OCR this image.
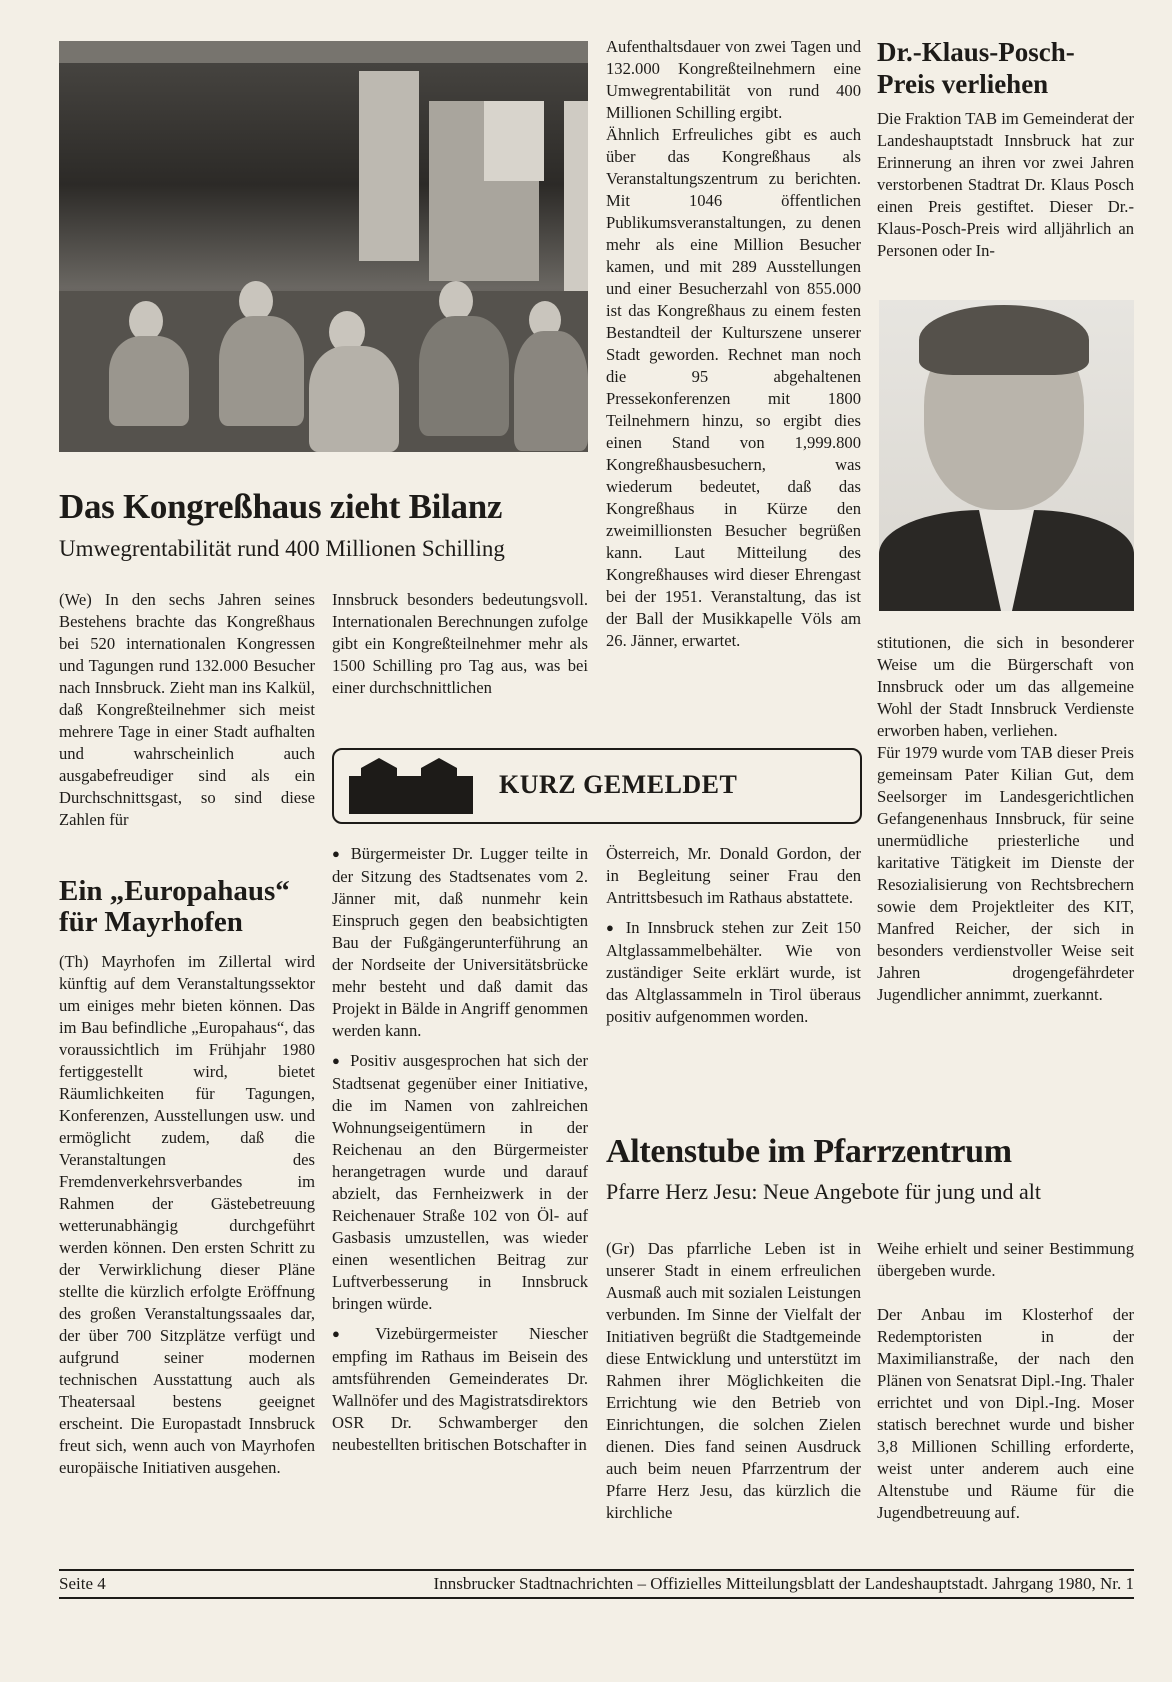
Das Kongreßhaus zieht Bilanz
Umwegrentabilität rund 400 Millionen Schilling

(We) In den sechs Jahren seines Bestehens brachte das Kongreßhaus bei 520 internationalen Kongressen und Tagungen rund 132.000 Besucher nach Innsbruck. Zieht man ins Kalkül, daß Kongreßteilnehmer sich meist mehrere Tage in einer Stadt aufhalten und wahrscheinlich auch ausgabefreudiger sind als ein Durchschnittsgast, so sind diese Zahlen für

Innsbruck besonders bedeutungsvoll. Internationalen Berechnungen zufolge gibt ein Kongreßteilnehmer mehr als 1500 Schilling pro Tag aus, was bei einer durchschnittlichen

Aufenthaltsdauer von zwei Tagen und 132.000 Kongreßteilnehmern eine Umwegrentabilität von rund 400 Millionen Schilling ergibt.

Ähnlich Erfreuliches gibt es auch über das Kongreßhaus als Veranstaltungszentrum zu berichten. Mit 1046 öffentlichen Publikumsveranstaltungen, zu denen mehr als eine Million Besucher kamen, und mit 289 Ausstellungen und einer Besucherzahl von 855.000 ist das Kongreßhaus zu einem festen Bestandteil der Kulturszene unserer Stadt geworden. Rechnet man noch die 95 abgehaltenen Pressekonferenzen mit 1800 Teilnehmern hinzu, so ergibt dies einen Stand von 1,999.800 Kongreßhausbesuchern, was wiederum bedeutet, daß das Kongreßhaus in Kürze den zweimillionsten Besucher begrüßen kann. Laut Mitteilung des Kongreßhauses wird dieser Ehrengast bei der 1951. Veranstaltung, das ist der Ball der Musikkapelle Völs am 26. Jänner, erwartet.

Dr.-Klaus-Posch-
Preis verliehen

Die Fraktion TAB im Gemeinderat der Landeshauptstadt Innsbruck hat zur Erinnerung an ihren vor zwei Jahren verstorbenen Stadtrat Dr. Klaus Posch einen Preis gestiftet. Dieser Dr.-Klaus-Posch-Preis wird alljährlich an Personen oder In-

stitutionen, die sich in besonderer Weise um die Bürgerschaft von Innsbruck oder um das allgemeine Wohl der Stadt Innsbruck Verdienste erworben haben, verliehen.

Für 1979 wurde vom TAB dieser Preis gemeinsam Pater Kilian Gut, dem Seelsorger im Landesgerichtlichen Gefangenenhaus Innsbruck, für seine unermüdliche priesterliche und karitative Tätigkeit im Dienste der Resozialisierung von Rechtsbrechern sowie dem Projektleiter des KIT, Manfred Reicher, der sich in besonders verdienstvoller Weise seit Jahren drogengefährdeter Jugendlicher annimmt, zuerkannt.

KURZ GEMELDET
Ein „Europahaus“
für Mayrhofen

(Th) Mayrhofen im Zillertal wird künftig auf dem Veranstaltungssektor um einiges mehr bieten können. Das im Bau befindliche „Europahaus“, das voraussichtlich im Frühjahr 1980 fertiggestellt wird, bietet Räumlichkeiten für Tagungen, Konferenzen, Ausstellungen usw. und ermöglicht zudem, daß die Veranstaltungen des Fremdenverkehrsverbandes im Rahmen der Gästebetreuung wetterunabhängig durchgeführt werden können. Den ersten Schritt zu der Verwirklichung dieser Pläne stellte die kürzlich erfolgte Eröffnung des großen Veranstaltungssaales dar, der über 700 Sitzplätze verfügt und aufgrund seiner modernen technischen Ausstattung auch als Theatersaal bestens geeignet erscheint. Die Europastadt Innsbruck freut sich, wenn auch von Mayrhofen europäische Initiativen ausgehen.

● Bürgermeister Dr. Lugger teilte in der Sitzung des Stadtsenates vom 2. Jänner mit, daß nunmehr kein Einspruch gegen den beabsichtigten Bau der Fußgängerunterführung an der Nordseite der Universitätsbrücke mehr besteht und daß damit das Projekt in Bälde in Angriff genommen werden kann.

● Positiv ausgesprochen hat sich der Stadtsenat gegenüber einer Initiative, die im Namen von zahlreichen Wohnungseigentümern in der Reichenau an den Bürgermeister herangetragen wurde und darauf abzielt, das Fernheizwerk in der Reichenauer Straße 102 von Öl- auf Gasbasis umzustellen, was wieder einen wesentlichen Beitrag zur Luftverbesserung in Innsbruck bringen würde.

● Vizebürgermeister Niescher empfing im Rathaus im Beisein des amtsführenden Gemeinderates Dr. Wallnöfer und des Magistratsdirektors OSR Dr. Schwamberger den neubestellten britischen Botschafter in

Österreich, Mr. Donald Gordon, der in Begleitung seiner Frau den Antrittsbesuch im Rathaus abstattete.

● In Innsbruck stehen zur Zeit 150 Altglassammelbehälter. Wie von zuständiger Seite erklärt wurde, ist das Altglassammeln in Tirol überaus positiv aufgenommen worden.

Altenstube im Pfarrzentrum
Pfarre Herz Jesu: Neue Angebote für jung und alt

(Gr) Das pfarrliche Leben ist in unserer Stadt in einem erfreulichen Ausmaß auch mit sozialen Leistungen verbunden. Im Sinne der Vielfalt der Initiativen begrüßt die Stadtgemeinde diese Entwicklung und unterstützt im Rahmen ihrer Möglichkeiten die Errichtung wie den Betrieb von Einrichtungen, die solchen Zielen dienen. Dies fand seinen Ausdruck auch beim neuen Pfarrzentrum der Pfarre Herz Jesu, das kürzlich die kirchliche

Weihe erhielt und seiner Bestimmung übergeben wurde.

Der Anbau im Klosterhof der Redemptoristen in der Maximilianstraße, der nach den Plänen von Senatsrat Dipl.-Ing. Thaler errichtet und von Dipl.-Ing. Moser statisch berechnet wurde und bisher 3,8 Millionen Schilling erforderte, weist unter anderem auch eine Altenstube und Räume für die Jugendbetreuung auf.

Seite 4	Innsbrucker Stadtnachrichten – Offizielles Mitteilungsblatt der Landeshauptstadt. Jahrgang 1980, Nr. 1
